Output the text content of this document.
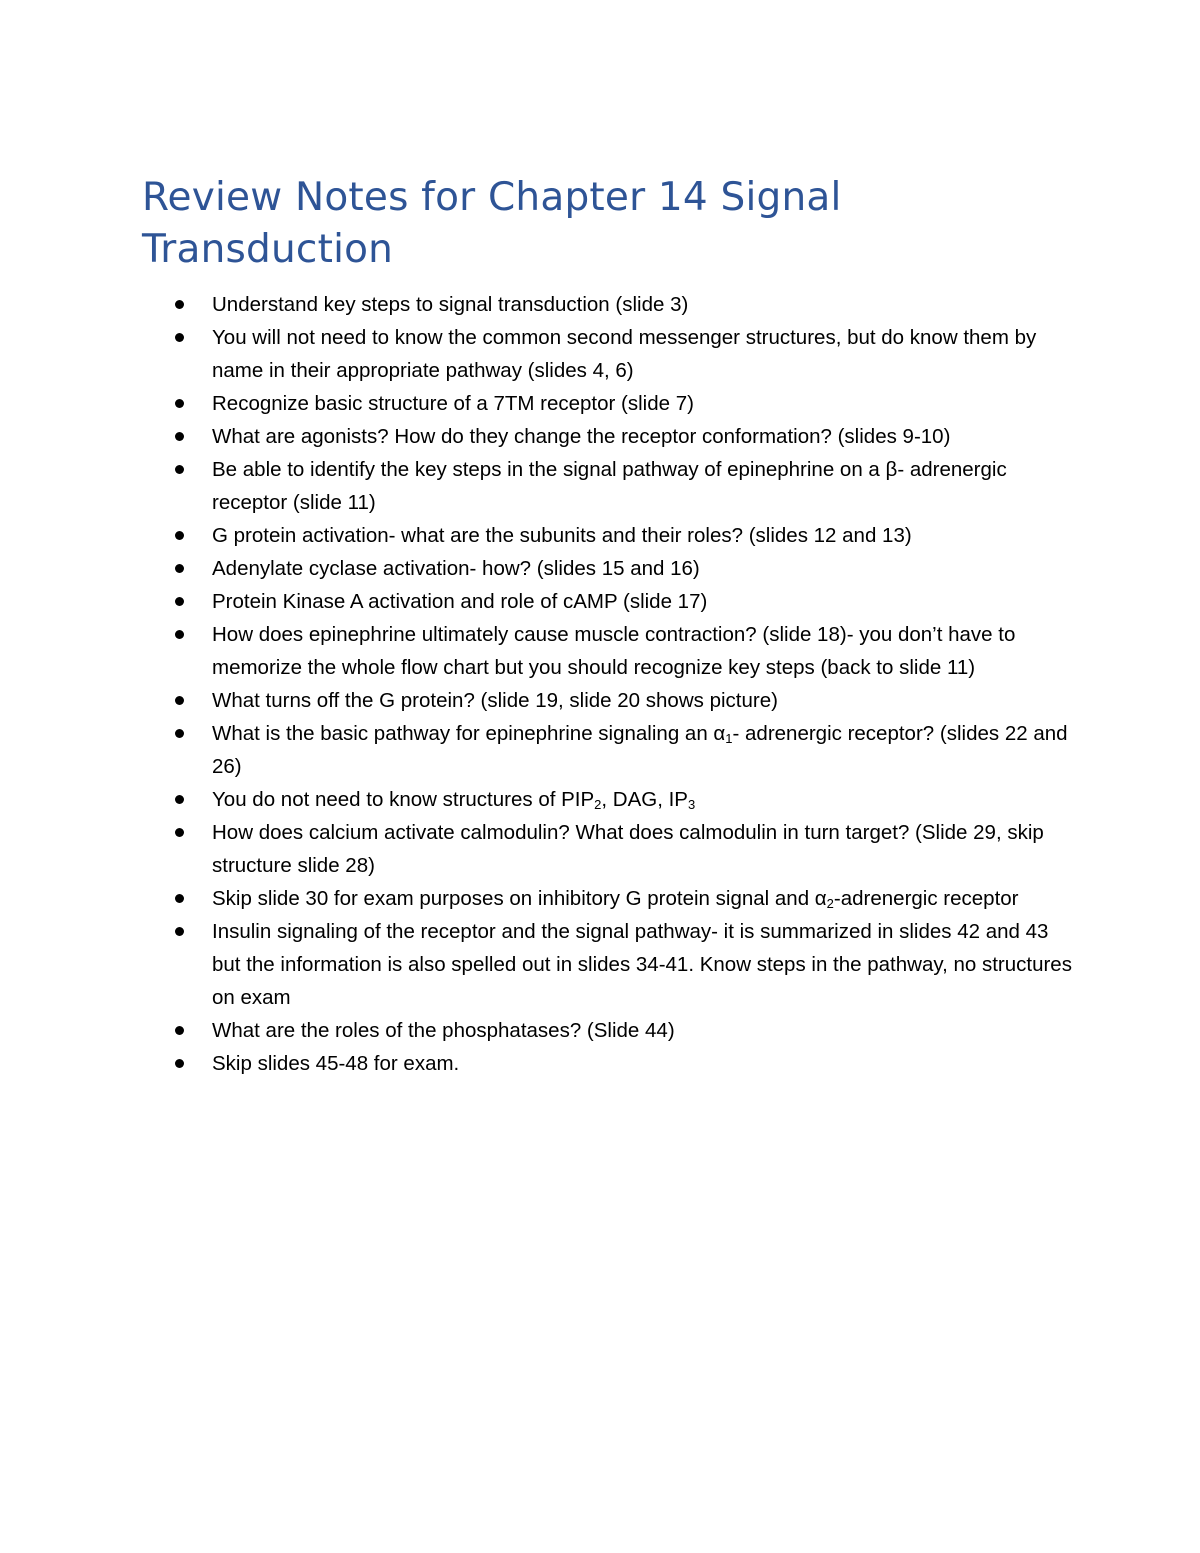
Review Notes for Chapter 14 Signal Transduction
Understand key steps to signal transduction (slide 3)
You will not need to know the common second messenger structures, but do know them by name in their appropriate pathway (slides 4, 6)
Recognize basic structure of a 7TM receptor (slide 7)
What are agonists? How do they change the receptor conformation? (slides 9-10)
Be able to identify the key steps in the signal pathway of epinephrine on a β- adrenergic receptor (slide 11)
G protein activation- what are the subunits and their roles? (slides 12 and 13)
Adenylate cyclase activation- how? (slides 15 and 16)
Protein Kinase A activation and role of cAMP (slide 17)
How does epinephrine ultimately cause muscle contraction? (slide 18)- you don’t have to memorize the whole flow chart but you should recognize key steps (back to slide 11)
What turns off the G protein? (slide 19, slide 20 shows picture)
What is the basic pathway for epinephrine signaling an $\alpha_1-$ adrenergic receptor? (slides 22 and 26)
You do not need to know structures of $PIP_2$, DAG, $IP_3$
How does calcium activate calmodulin? What does calmodulin in turn target? (Slide 29, skip structure slide 28)
Skip slide 30 for exam purposes on inhibitory G protein signal and $\alpha_2$-adrenergic receptor
Insulin signaling of the receptor and the signal pathway- it is summarized in slides 42 and 43 but the information is also spelled out in slides 34-41. Know steps in the pathway, no structures on exam
What are the roles of the phosphatases? (Slide 44)
Skip slides 45-48 for exam.
